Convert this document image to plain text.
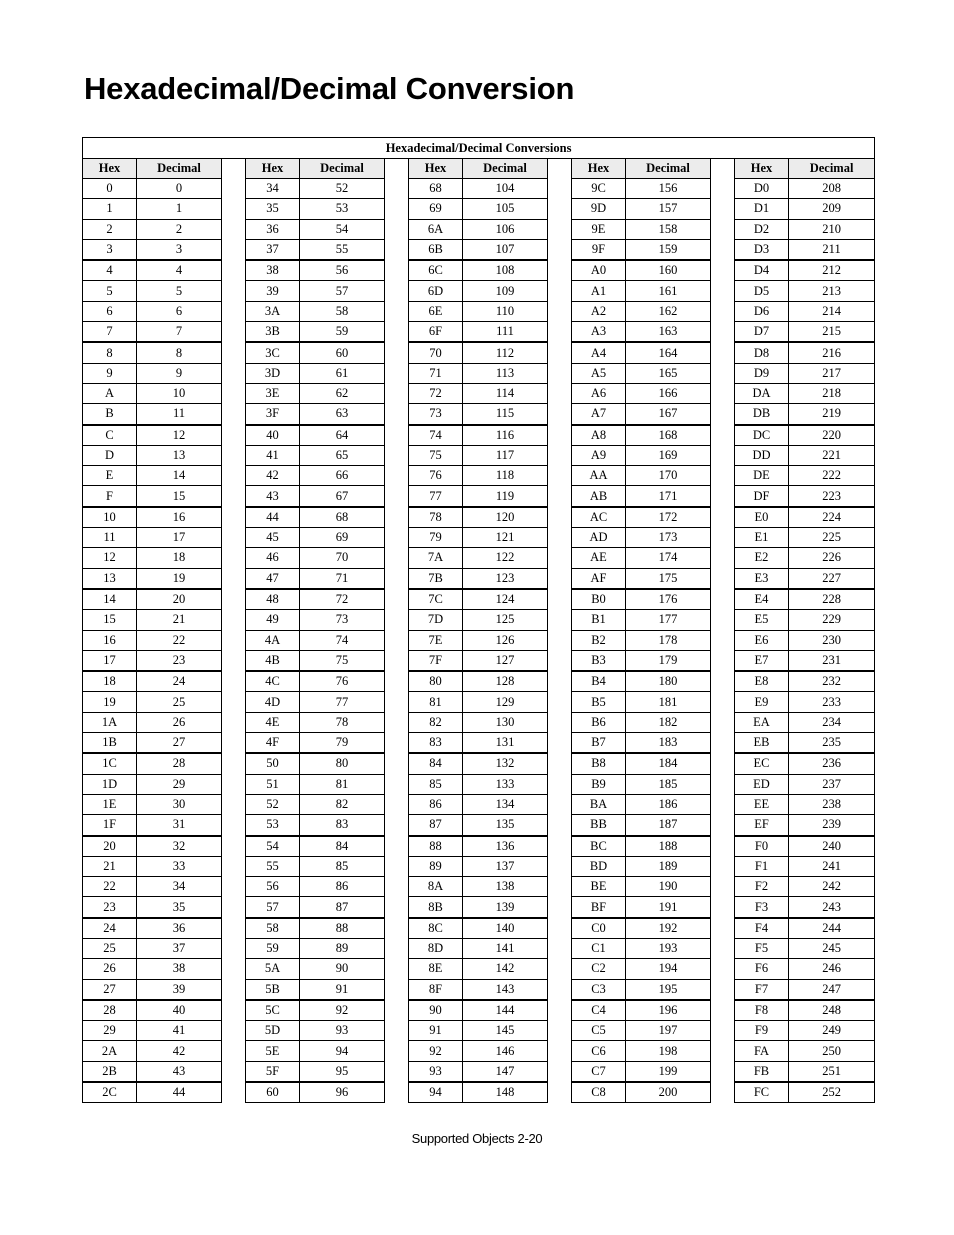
Hexadecimal/Decimal Conversion
Hexadecimal/Decimal Conversions													
Hex	Decimal		Hex	Decimal		Hex	Decimal		Hex	Decimal		Hex	Decimal
0	0		34	52		68	104		9C	156		D0	208
1	1		35	53		69	105		9D	157		D1	209
2	2		36	54		6A	106		9E	158		D2	210
3	3		37	55		6B	107		9F	159		D3	211
4	4		38	56		6C	108		A0	160		D4	212
5	5		39	57		6D	109		A1	161		D5	213
6	6		3A	58		6E	110		A2	162		D6	214
7	7		3B	59		6F	111		A3	163		D7	215
8	8		3C	60		70	112		A4	164		D8	216
9	9		3D	61		71	113		A5	165		D9	217
A	10		3E	62		72	114		A6	166		DA	218
B	11		3F	63		73	115		A7	167		DB	219
C	12		40	64		74	116		A8	168		DC	220
D	13		41	65		75	117		A9	169		DD	221
E	14		42	66		76	118		AA	170		DE	222
F	15		43	67		77	119		AB	171		DF	223
10	16		44	68		78	120		AC	172		E0	224
11	17		45	69		79	121		AD	173		E1	225
12	18		46	70		7A	122		AE	174		E2	226
13	19		47	71		7B	123		AF	175		E3	227
14	20		48	72		7C	124		B0	176		E4	228
15	21		49	73		7D	125		B1	177		E5	229
16	22		4A	74		7E	126		B2	178		E6	230
17	23		4B	75		7F	127		B3	179		E7	231
18	24		4C	76		80	128		B4	180		E8	232
19	25		4D	77		81	129		B5	181		E9	233
1A	26		4E	78		82	130		B6	182		EA	234
1B	27		4F	79		83	131		B7	183		EB	235
1C	28		50	80		84	132		B8	184		EC	236
1D	29		51	81		85	133		B9	185		ED	237
1E	30		52	82		86	134		BA	186		EE	238
1F	31		53	83		87	135		BB	187		EF	239
20	32		54	84		88	136		BC	188		F0	240
21	33		55	85		89	137		BD	189		F1	241
22	34		56	86		8A	138		BE	190		F2	242
23	35		57	87		8B	139		BF	191		F3	243
24	36		58	88		8C	140		C0	192		F4	244
25	37		59	89		8D	141		C1	193		F5	245
26	38		5A	90		8E	142		C2	194		F6	246
27	39		5B	91		8F	143		C3	195		F7	247
28	40		5C	92		90	144		C4	196		F8	248
29	41		5D	93		91	145		C5	197		F9	249
2A	42		5E	94		92	146		C6	198		FA	250
2B	43		5F	95		93	147		C7	199		FB	251
2C	44		60	96		94	148		C8	200		FC	252
Supported Objects 2-20
